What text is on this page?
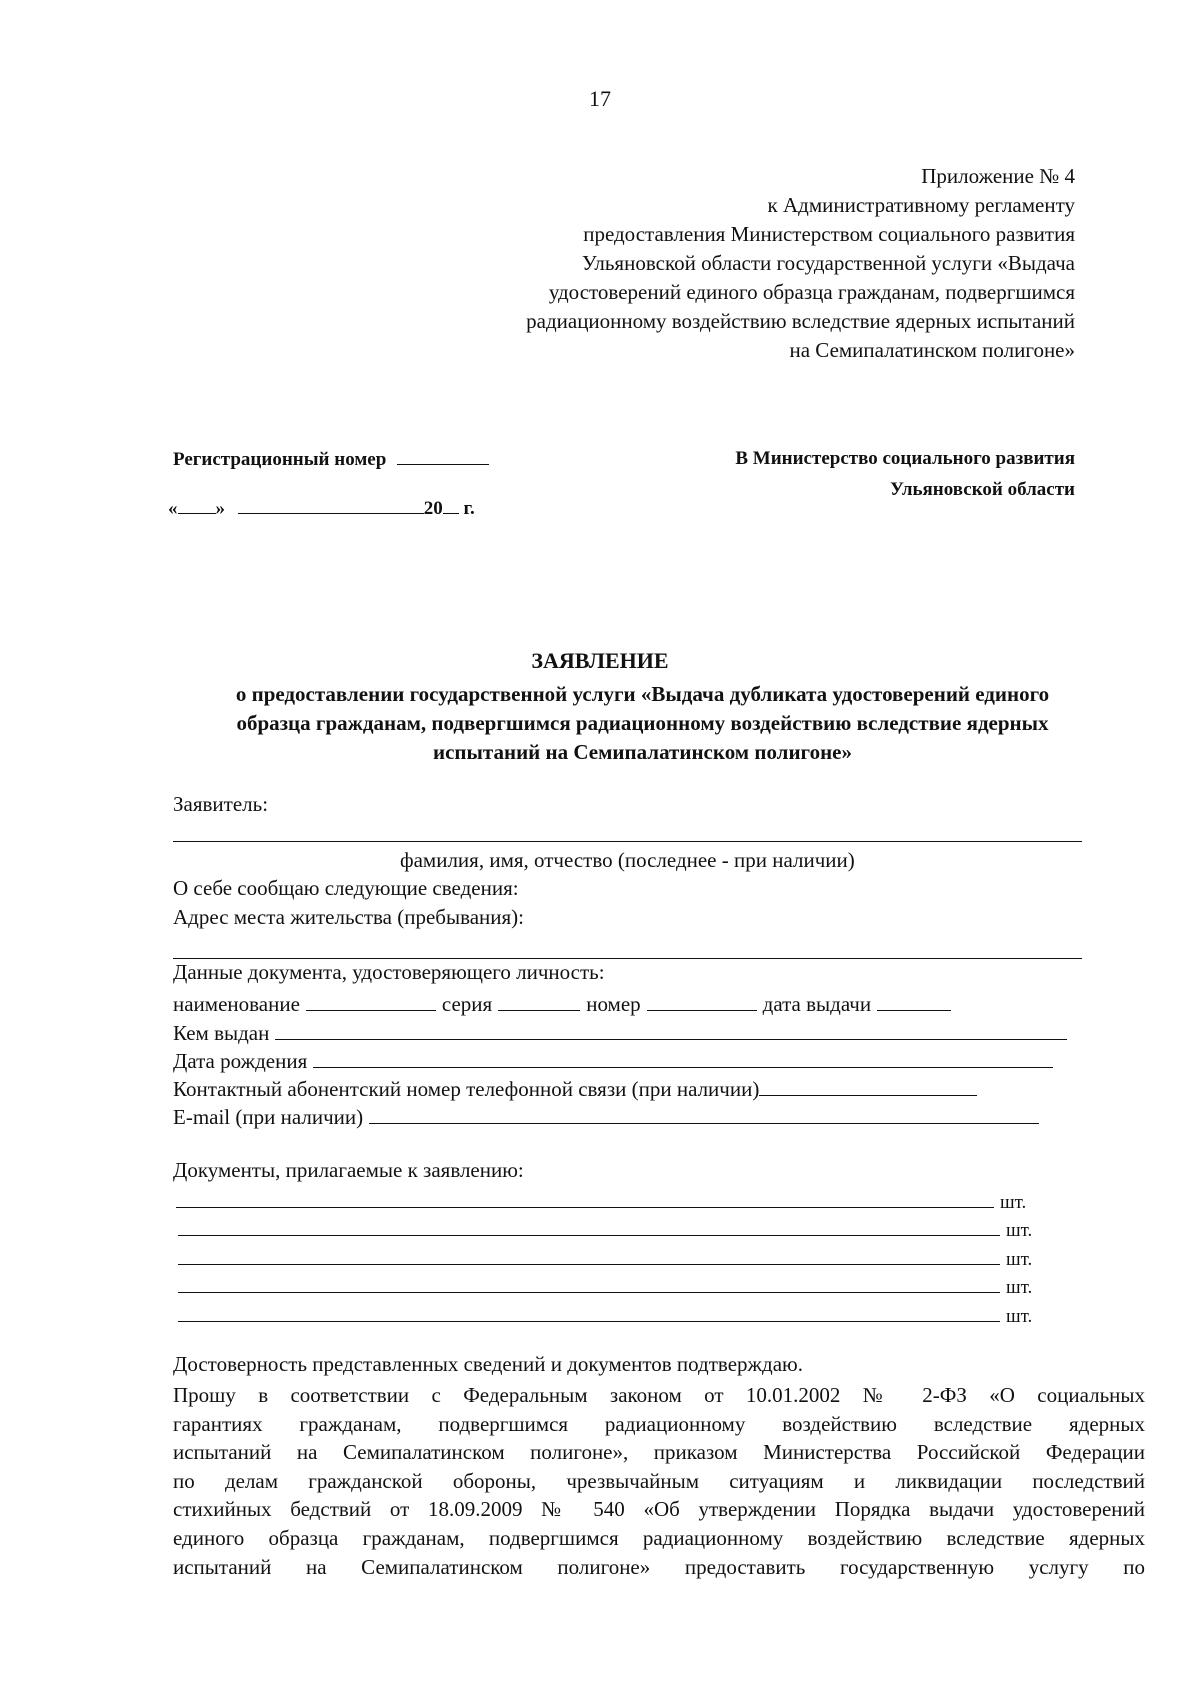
17
Приложение № 4
к Административному регламенту
предоставления Министерством социального развития
Ульяновской области государственной услуги «Выдача
удостоверений единого образца гражданам, подвергшимся
радиационному воздействию вследствие ядерных испытаний
на Семипалатинском полигоне»
Регистрационный номер
« »	20 г.
В Министерство социального развития
Ульяновской области
ЗАЯВЛЕНИЕ
о предоставлении государственной услуги «Выдача дубликата удостоверений единого
образца гражданам, подвергшимся радиационному воздействию вследствие ядерных
испытаний на Семипалатинском полигоне»
Заявитель:
фамилия, имя, отчество (последнее - при наличии)
О себе сообщаю следующие сведения:
Адрес места жительства (пребывания):
Данные документа, удостоверяющего личность:
наименование	серия	номер	дата выдачи
Кем выдан
Дата рождения
Контактный абонентский номер телефонной связи (при наличии)
E-mail (при наличии)
Документы, прилагаемые к заявлению:
шт.
шт.
шт.
шт.
шт.
Достоверность представленных сведений и документов подтверждаю.
Прошу в соответствии с Федеральным законом от 10.01.2002 № 2-ФЗ «О социальных
гарантиях гражданам, подвергшимся радиационному воздействию вследствие ядерных
испытаний на Семипалатинском полигоне», приказом Министерства Российской Федерации
по делам гражданской обороны, чрезвычайным ситуациям и ликвидации последствий
стихийных бедствий от 18.09.2009 № 540 «Об утверждении Порядка выдачи удостоверений
единого образца гражданам, подвергшимся радиационному воздействию вследствие ядерных
испытаний на Семипалатинском полигоне» предоставить государственную услугу по
